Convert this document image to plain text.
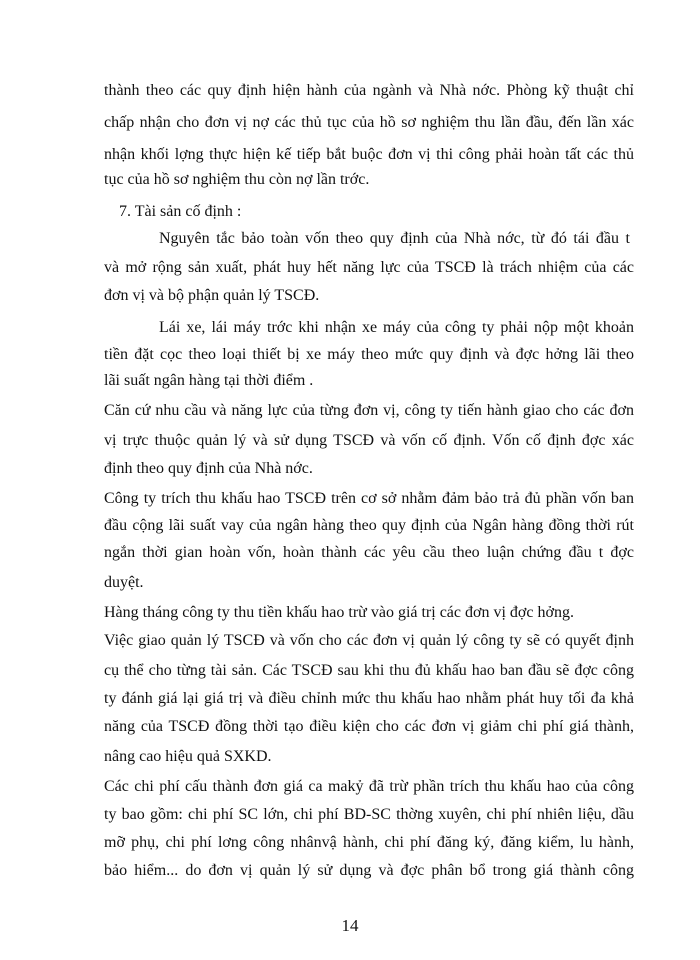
thành theo các quy định hiện hành của ngành và Nhà nớc. Phòng kỹ thuật chỉ
chấp nhận cho đơn vị nợ các thủ tục của hồ sơ nghiệm thu lần đầu, đến lần xác
nhận khối lợng thực hiện kế tiếp bắt buộc đơn vị thi công phải hoàn tất các thủ
tục của hồ sơ nghiệm thu còn nợ lần trớc.
7. Tài sản cố định :
Nguyên tắc bảo toàn vốn theo quy định của Nhà nớc, từ đó tái đầu t
và mở rộng sản xuất, phát huy hết năng lực của TSCĐ là trách nhiệm của các
đơn vị và bộ phận quản lý TSCĐ.
Lái xe, lái máy trớc khi nhận xe máy của công ty phải nộp một khoản
tiền đặt cọc theo loại thiết bị xe máy theo mức quy định và đợc hởng lãi theo
lãi suất ngân hàng tại thời điểm .
Căn cứ nhu cầu và năng lực của từng đơn vị, công ty tiến hành giao cho các đơn
vị trực thuộc quản lý và sử dụng TSCĐ và vốn cố định. Vốn cố định đợc xác
định theo quy định của Nhà nớc.
Công ty trích thu khấu hao TSCĐ trên cơ sở nhằm đảm bảo trả đủ phần vốn ban
đầu cộng lãi suất vay của ngân hàng theo quy định của Ngân hàng đồng thời rút
ngắn thời gian hoàn vốn, hoàn thành các yêu cầu theo luận chứng đầu t đợc
duyệt.
Hàng tháng công ty thu tiền khấu hao trừ vào giá trị các đơn vị đợc hởng.
Việc giao quản lý TSCĐ và vốn cho các đơn vị quản lý công ty sẽ có quyết định
cụ thể cho từng tài sản. Các TSCĐ sau khi thu đủ khấu hao ban đầu sẽ đợc công
ty đánh giá lại giá trị và điều chỉnh mức thu khấu hao nhằm phát huy tối đa khả
năng của TSCĐ đồng thời tạo điều kiện cho các đơn vị giảm chi phí giá thành,
nâng cao hiệu quả SXKD.
Các chi phí cấu thành đơn giá ca makỷ đã trừ phần trích thu khấu hao của công
ty bao gồm: chi phí SC lớn, chi phí BD-SC thờng xuyên, chi phí nhiên liệu, dầu
mỡ phụ, chi phí lơng công nhânvậ hành, chi phí đăng ký, đăng kiểm, lu hành,
bảo hiểm... do đơn vị quản lý sử dụng và đợc phân bổ trong giá thành công
14
